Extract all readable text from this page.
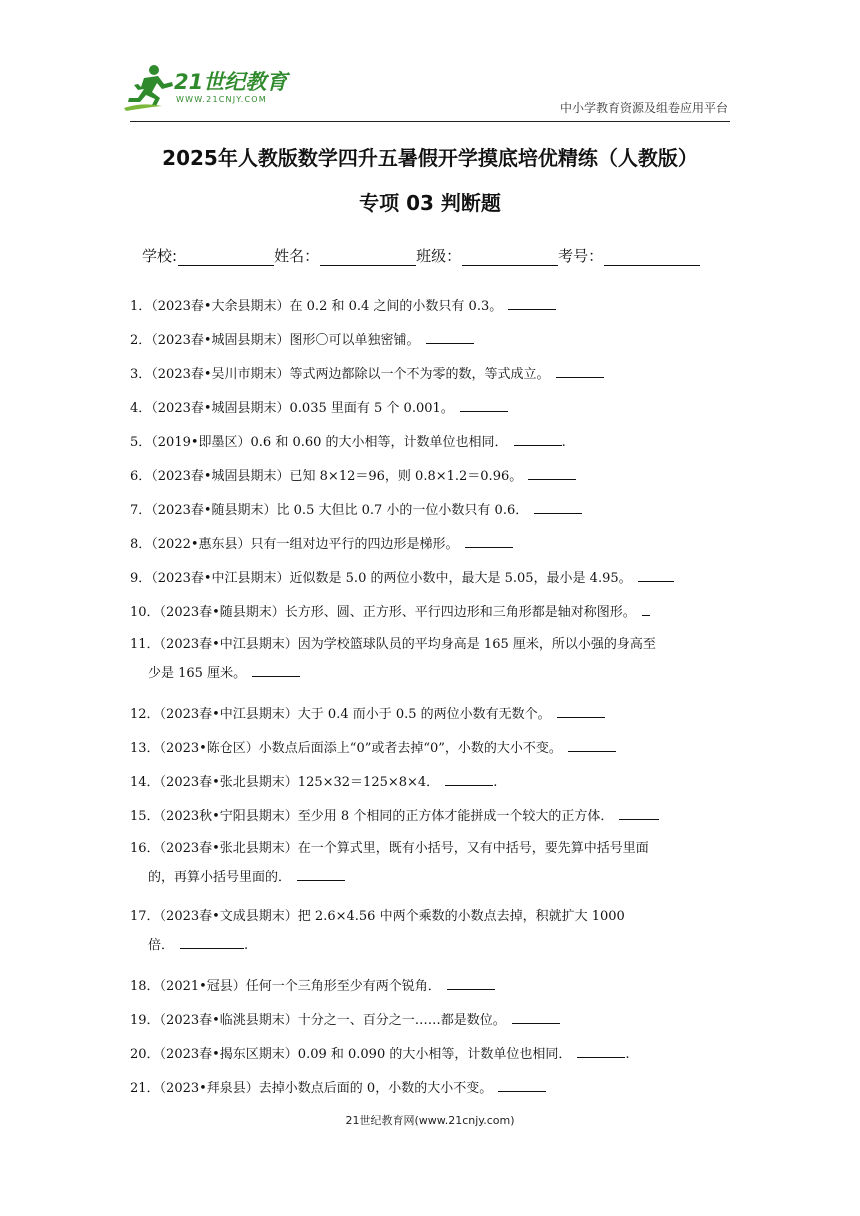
21世纪教育
WWW.21CNJY.COM
中小学教育资源及组卷应用平台
2025年人教版数学四升五暑假开学摸底培优精练（人教版）
专项 03 判断题
学校:	姓名：	班级：	考号：
1．（2023春•大余县期末）在 0.2 和 0.4 之间的小数只有 0.3。
2．（2023春•城固县期末）图形〇可以单独密铺。
3．（2023春•吴川市期末）等式两边都除以一个不为零的数，等式成立。
4．（2023春•城固县期末）0.035 里面有 5 个 0.001。
5．（2019•即墨区）0.6 和 0.60 的大小相等，计数单位也相同．	.
6．（2023春•城固县期末）已知 8×12＝96，则 0.8×1.2＝0.96。
7．（2023春•随县期末）比 0.5 大但比 0.7 小的一位小数只有 0.6．
8．（2022•惠东县）只有一组对边平行的四边形是梯形。
9．（2023春•中江县期末）近似数是 5.0 的两位小数中，最大是 5.05，最小是 4.95。
10．（2023春•随县期末）长方形、圆、正方形、平行四边形和三角形都是轴对称图形。
11．（2023春•中江县期末）因为学校篮球队员的平均身高是 165 厘米，所以小强的身高至
少是 165 厘米。
12．（2023春•中江县期末）大于 0.4 而小于 0.5 的两位小数有无数个。
13．（2023•陈仓区）小数点后面添上“0”或者去掉“0”，小数的大小不变。
14．（2023春•张北县期末）125×32＝125×8×4．	.
15．（2023秋•宁阳县期末）至少用 8 个相同的正方体才能拼成一个较大的正方体．
16．（2023春•张北县期末）在一个算式里，既有小括号，又有中括号，要先算中括号里面
的，再算小括号里面的．
17．（2023春•文成县期末）把 2.6×4.56 中两个乘数的小数点去掉，积就扩大 1000
倍．	.
18．（2021•冠县）任何一个三角形至少有两个锐角．
19．（2023春•临洮县期末）十分之一、百分之一……都是数位。
20．（2023春•揭东区期末）0.09 和 0.090 的大小相等，计数单位也相同．	.
21．（2023•拜泉县）去掉小数点后面的 0，小数的大小不变。
21世纪教育网(www.21cnjy.com)
